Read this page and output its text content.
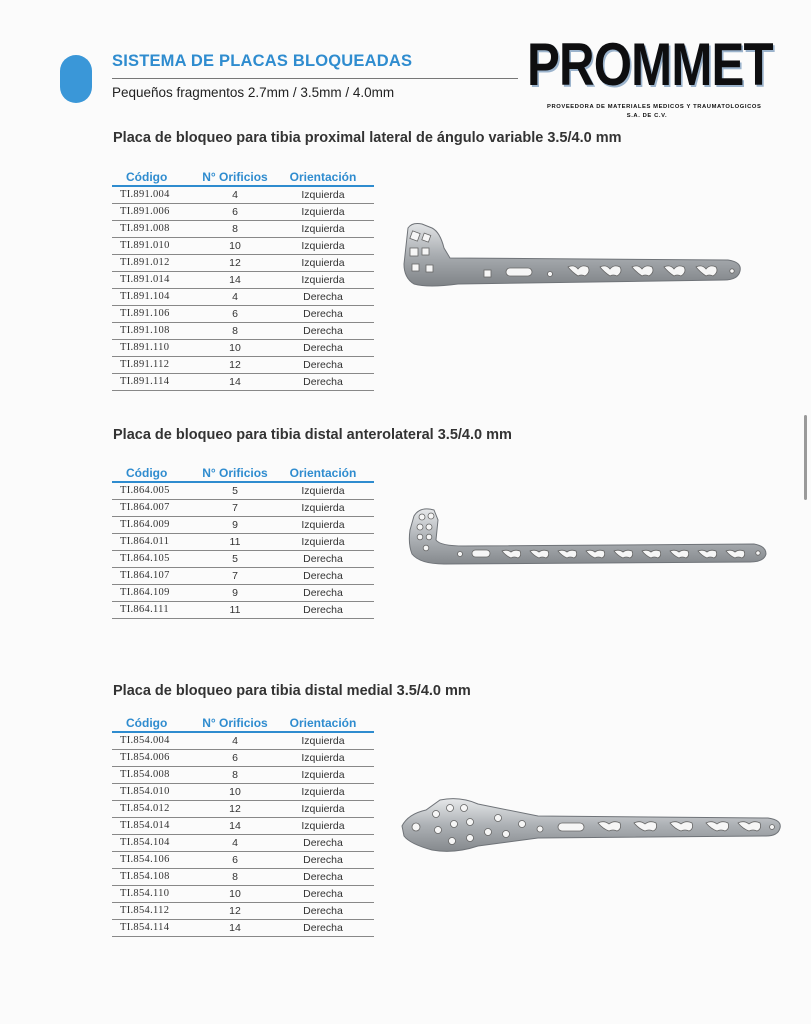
SISTEMA DE PLACAS BLOQUEADAS
Pequeños fragmentos 2.7mm / 3.5mm / 4.0mm PROMMET
PROVEEDORA DE MATERIALES MEDICOS Y TRAUMATOLOGICOS
S.A. DE C.V.
Placa de bloqueo para tibia proximal lateral de ángulo variable 3.5/4.0 mm
Código	N° Orificios	Orientación
TI.891.004	4	Izquierda
TI.891.006	6	Izquierda
TI.891.008	8	Izquierda
TI.891.010	10	Izquierda
TI.891.012	12	Izquierda
TI.891.014	14	Izquierda
TI.891.104	4	Derecha
TI.891.106	6	Derecha
TI.891.108	8	Derecha
TI.891.110	10	Derecha
TI.891.112	12	Derecha
TI.891.114	14	Derecha
Placa de bloqueo para tibia distal anterolateral 3.5/4.0 mm
Código	N° Orificios	Orientación
TI.864.005	5	Izquierda
TI.864.007	7	Izquierda
TI.864.009	9	Izquierda
TI.864.011	11	Izquierda
TI.864.105	5	Derecha
TI.864.107	7	Derecha
TI.864.109	9	Derecha
TI.864.111	11	Derecha
Placa de bloqueo para tibia distal medial 3.5/4.0 mm
Código	N° Orificios	Orientación
TI.854.004	4	Izquierda
TI.854.006	6	Izquierda
TI.854.008	8	Izquierda
TI.854.010	10	Izquierda
TI.854.012	12	Izquierda
TI.854.014	14	Izquierda
TI.854.104	4	Derecha
TI.854.106	6	Derecha
TI.854.108	8	Derecha
TI.854.110	10	Derecha
TI.854.112	12	Derecha
TI.854.114	14	Derecha
